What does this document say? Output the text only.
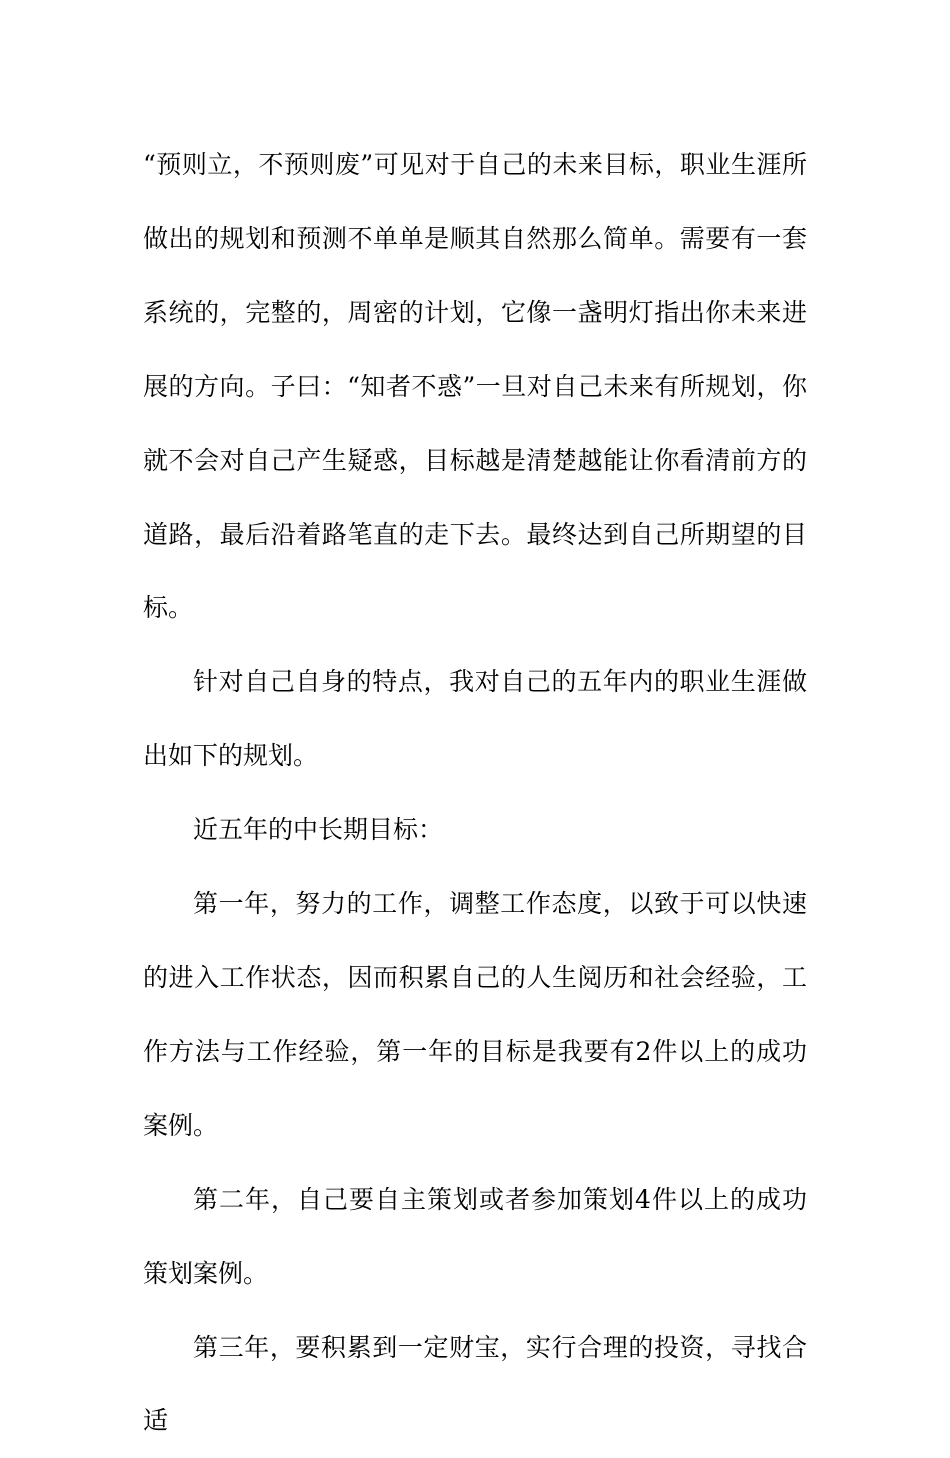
“预则立，不预则废”可见对于自己的未来目标，职业生涯所做出的规划和预测不单单是顺其自然那么简单。需要有一套系统的，完整的，周密的计划，它像一盏明灯指出你未来进展的方向。子曰：“知者不惑”一旦对自己未来有所规划，你就不会对自己产生疑惑，目标越是清楚越能让你看清前方的道路，最后沿着路笔直的走下去。最终达到自己所期望的目标。

针对自己自身的特点，我对自己的五年内的职业生涯做出如下的规划。

近五年的中长期目标：

第一年，努力的工作，调整工作态度，以致于可以快速的进入工作状态，因而积累自己的人生阅历和社会经验，工作方法与工作经验，第一年的目标是我要有2件以上的成功案例。

第二年，自己要自主策划或者参加策划4件以上的成功策划案例。

第三年，要积累到一定财宝，实行合理的投资，寻找合适
